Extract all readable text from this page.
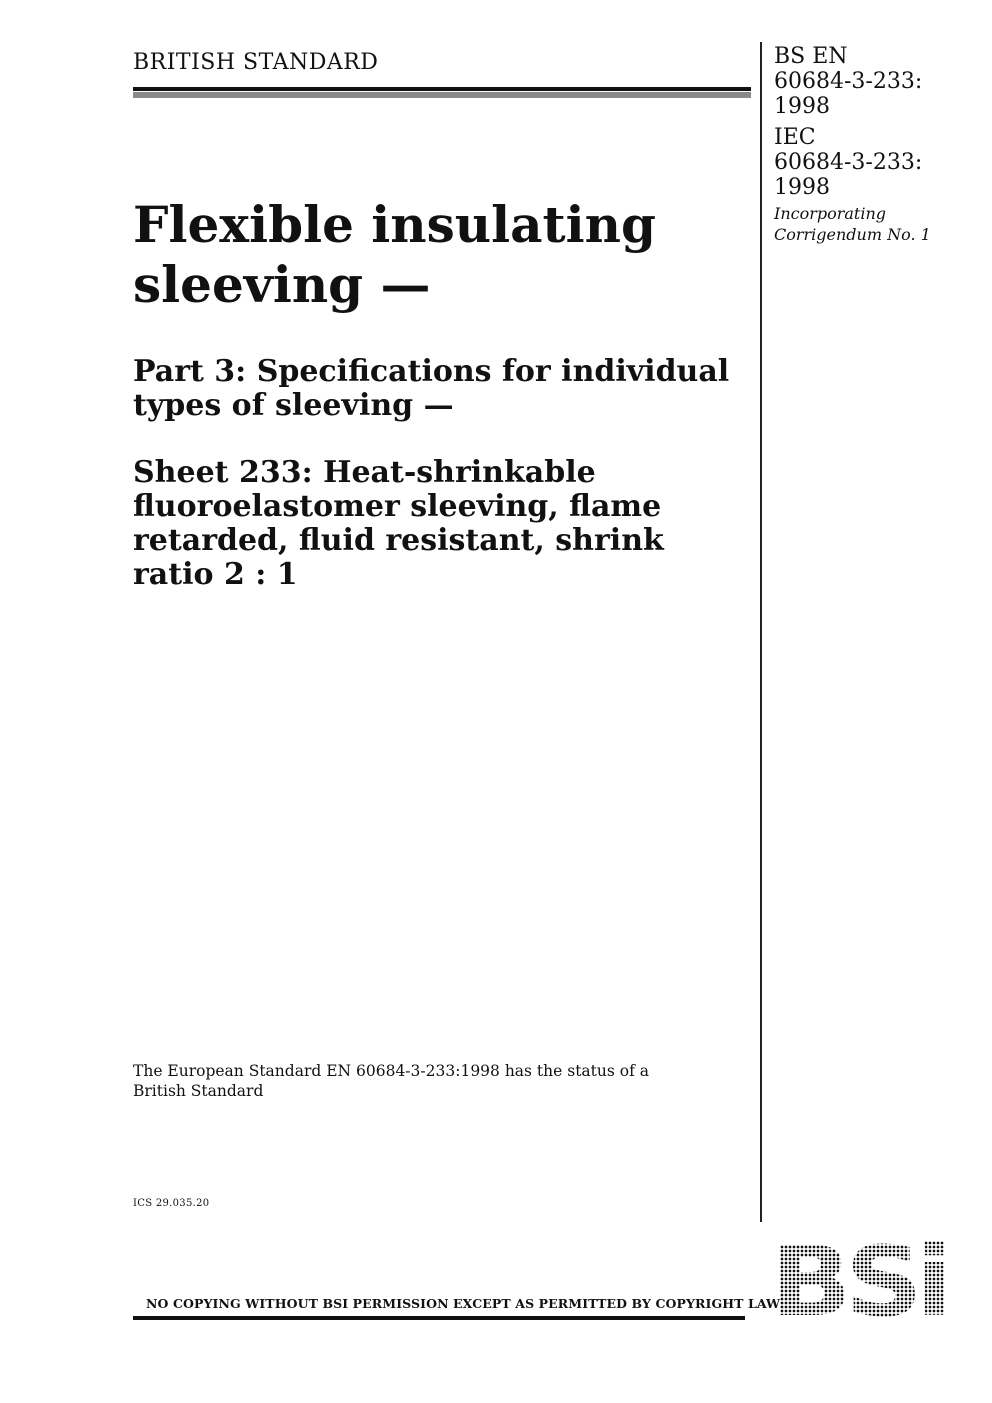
BRITISH STANDARD	BS EN
60684-3-233:
1998
IEC
60684-3-233:
1998
Incorporating
Corrigendum No. 1
Flexible insulating
sleeving —
Part 3: Specifications for individual
types of sleeving —
Sheet 233: Heat-shrinkable
fluoroelastomer sleeving, flame
retarded, fluid resistant, shrink
ratio 2 : 1
The European Standard EN 60684-3-233:1998 has the status of a
British Standard
ICS 29.035.20
NO COPYING WITHOUT BSI PERMISSION EXCEPT AS PERMITTED BY COPYRIGHT LAW
BSi
